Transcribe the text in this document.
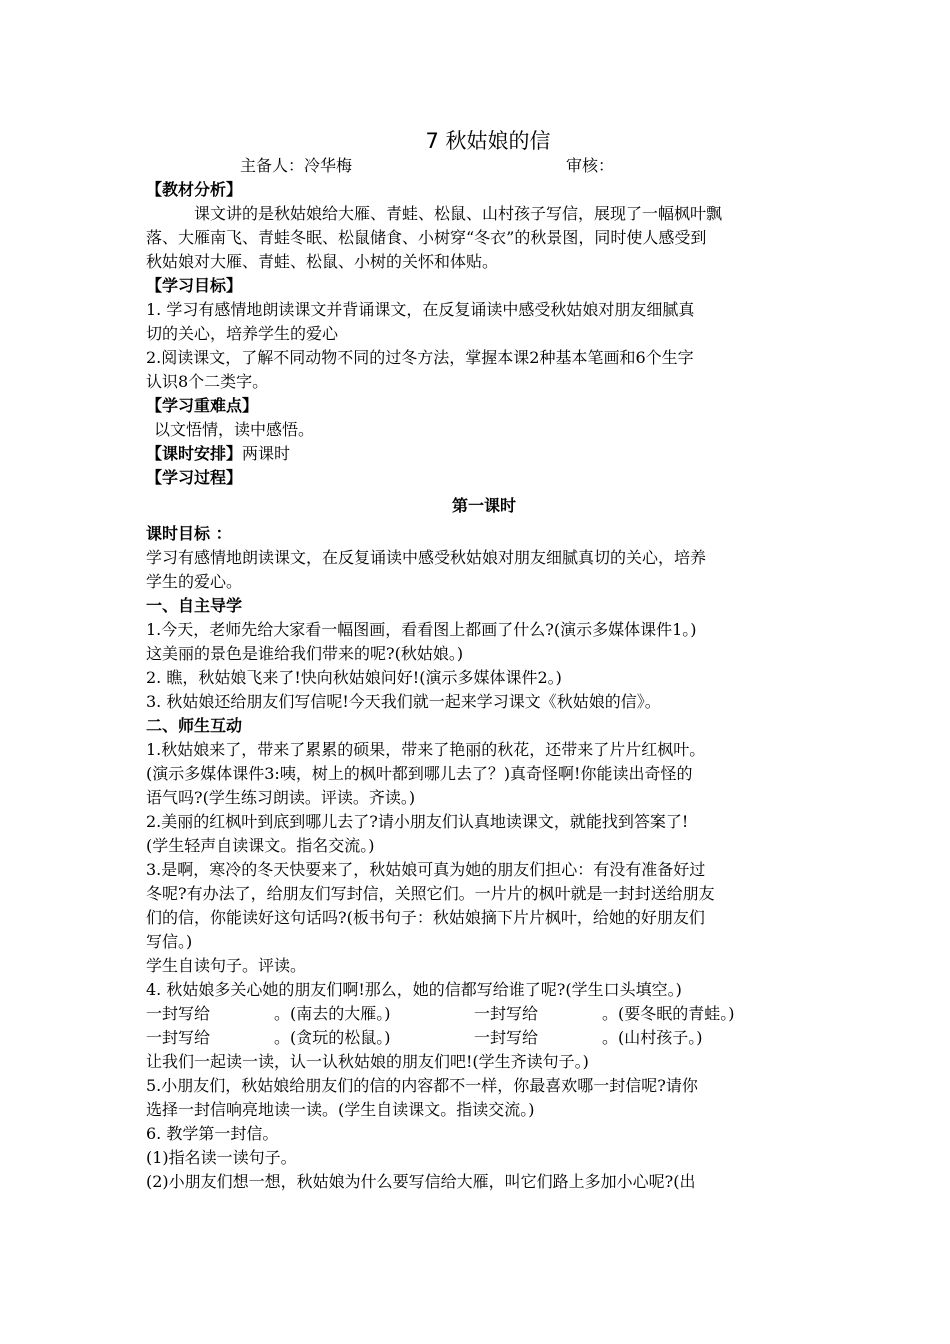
7 秋姑娘的信
主备人：冷华梅	审核：
【教材分析】
课文讲的是秋姑娘给大雁、青蛙、松鼠、山村孩子写信，展现了一幅枫叶飘
落、大雁南飞、青蛙冬眠、松鼠储食、小树穿“冬衣”的秋景图，同时使人感受到
秋姑娘对大雁、青蛙、松鼠、小树的关怀和体贴。
【学习目标】
1. 学习有感情地朗读课文并背诵课文，在反复诵读中感受秋姑娘对朋友细腻真
切的关心，培养学生的爱心
2.阅读课文，了解不同动物不同的过冬方法，掌握本课2种基本笔画和6个生字
认识8个二类字。
【学习重难点】
以文悟情，读中感悟。
【课时安排】两课时
【学习过程】
第一课时
课时目标 ：
学习有感情地朗读课文，在反复诵读中感受秋姑娘对朋友细腻真切的关心，培养
学生的爱心。
一、自主导学
1.今天，老师先给大家看一幅图画，看看图上都画了什么?(演示多媒体课件1。)
这美丽的景色是谁给我们带来的呢?(秋姑娘。)
2. 瞧，秋姑娘飞来了!快向秋姑娘问好!(演示多媒体课件2。)
3. 秋姑娘还给朋友们写信呢!今天我们就一起来学习课文《秋姑娘的信》。
二、师生互动
1.秋姑娘来了，带来了累累的硕果，带来了艳丽的秋花，还带来了片片红枫叶。
(演示多媒体课件3:咦，树上的枫叶都到哪儿去了？)真奇怪啊!你能读出奇怪的
语气吗?(学生练习朗读。评读。齐读。)
2.美丽的红枫叶到底到哪儿去了?请小朋友们认真地读课文，就能找到答案了!
(学生轻声自读课文。指名交流。)
3.是啊，寒冷的冬天快要来了，秋姑娘可真为她的朋友们担心：有没有准备好过
冬呢?有办法了，给朋友们写封信，关照它们。一片片的枫叶就是一封封送给朋友
们的信，你能读好这句话吗?(板书句子：秋姑娘摘下片片枫叶，给她的好朋友们
写信。)
学生自读句子。评读。
4. 秋姑娘多关心她的朋友们啊!那么，她的信都写给谁了呢?(学生口头填空。)
一封写给	。(南去的大雁。)	一封写给	。(要冬眠的青蛙。)
一封写给	。(贪玩的松鼠。)	一封写给	。(山村孩子。)
让我们一起读一读，认一认秋姑娘的朋友们吧!(学生齐读句子。)
5.小朋友们，秋姑娘给朋友们的信的内容都不一样，你最喜欢哪一封信呢?请你
选择一封信响亮地读一读。(学生自读课文。指读交流。)
6. 教学第一封信。
(1)指名读一读句子。
(2)小朋友们想一想，秋姑娘为什么要写信给大雁，叫它们路上多加小心呢?(出
